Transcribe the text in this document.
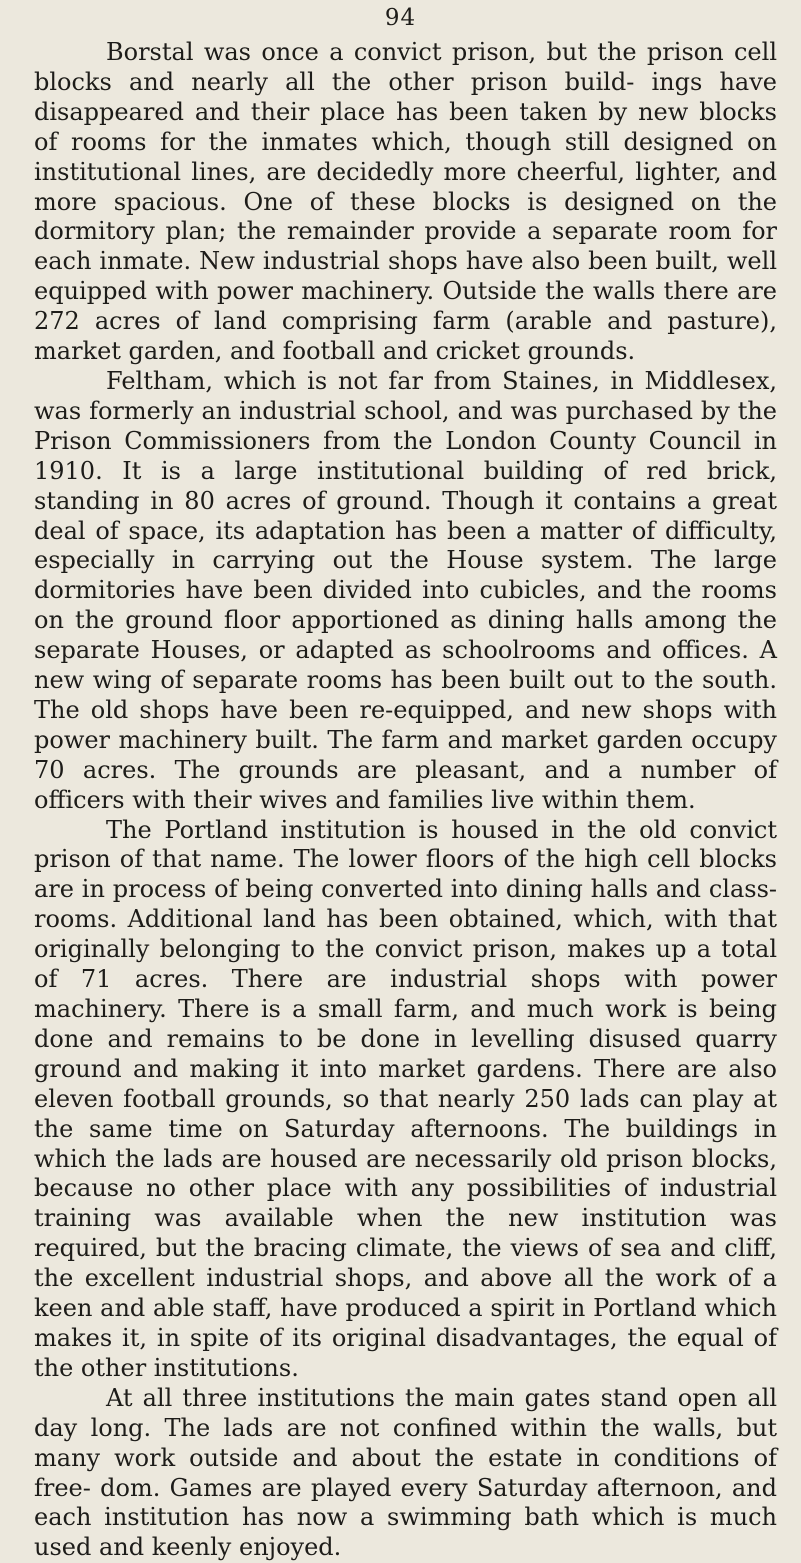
94

Borstal was once a convict prison, but the prison cell blocks and nearly all the other prison build- ings have disappeared and their place has been taken by new blocks of rooms for the inmates which, though still designed on institutional lines, are decidedly more cheerful, lighter, and more spacious. One of these blocks is designed on the dormitory plan; the remainder provide a separate room for each inmate. New industrial shops have also been built, well equipped with power machinery. Outside the walls there are 272 acres of land comprising farm (arable and pasture), market garden, and football and cricket grounds.

Feltham, which is not far from Staines, in Middlesex, was formerly an industrial school, and was purchased by the Prison Commissioners from the London County Council in 1910. It is a large institutional building of red brick, standing in 80 acres of ground. Though it contains a great deal of space, its adaptation has been a matter of difficulty, especially in carrying out the House system. The large dormitories have been divided into cubicles, and the rooms on the ground floor apportioned as dining halls among the separate Houses, or adapted as schoolrooms and offices. A new wing of separate rooms has been built out to the south. The old shops have been re-equipped, and new shops with power machinery built. The farm and market garden occupy 70 acres. The grounds are pleasant, and a number of officers with their wives and families live within them.

The Portland institution is housed in the old convict prison of that name. The lower floors of the high cell blocks are in process of being converted into dining halls and class- rooms. Additional land has been obtained, which, with that originally belonging to the convict prison, makes up a total of 71 acres. There are industrial shops with power machinery. There is a small farm, and much work is being done and remains to be done in levelling disused quarry ground and making it into market gardens. There are also eleven football grounds, so that nearly 250 lads can play at the same time on Saturday afternoons. The buildings in which the lads are housed are necessarily old prison blocks, because no other place with any possibilities of industrial training was available when the new institution was required, but the bracing climate, the views of sea and cliff, the excellent industrial shops, and above all the work of a keen and able staff, have produced a spirit in Portland which makes it, in spite of its original disadvantages, the equal of the other institutions.

At all three institutions the main gates stand open all day long. The lads are not confined within the walls, but many work outside and about the estate in conditions of free- dom. Games are played every Saturday afternoon, and each institution has now a swimming bath which is much used and keenly enjoyed.
